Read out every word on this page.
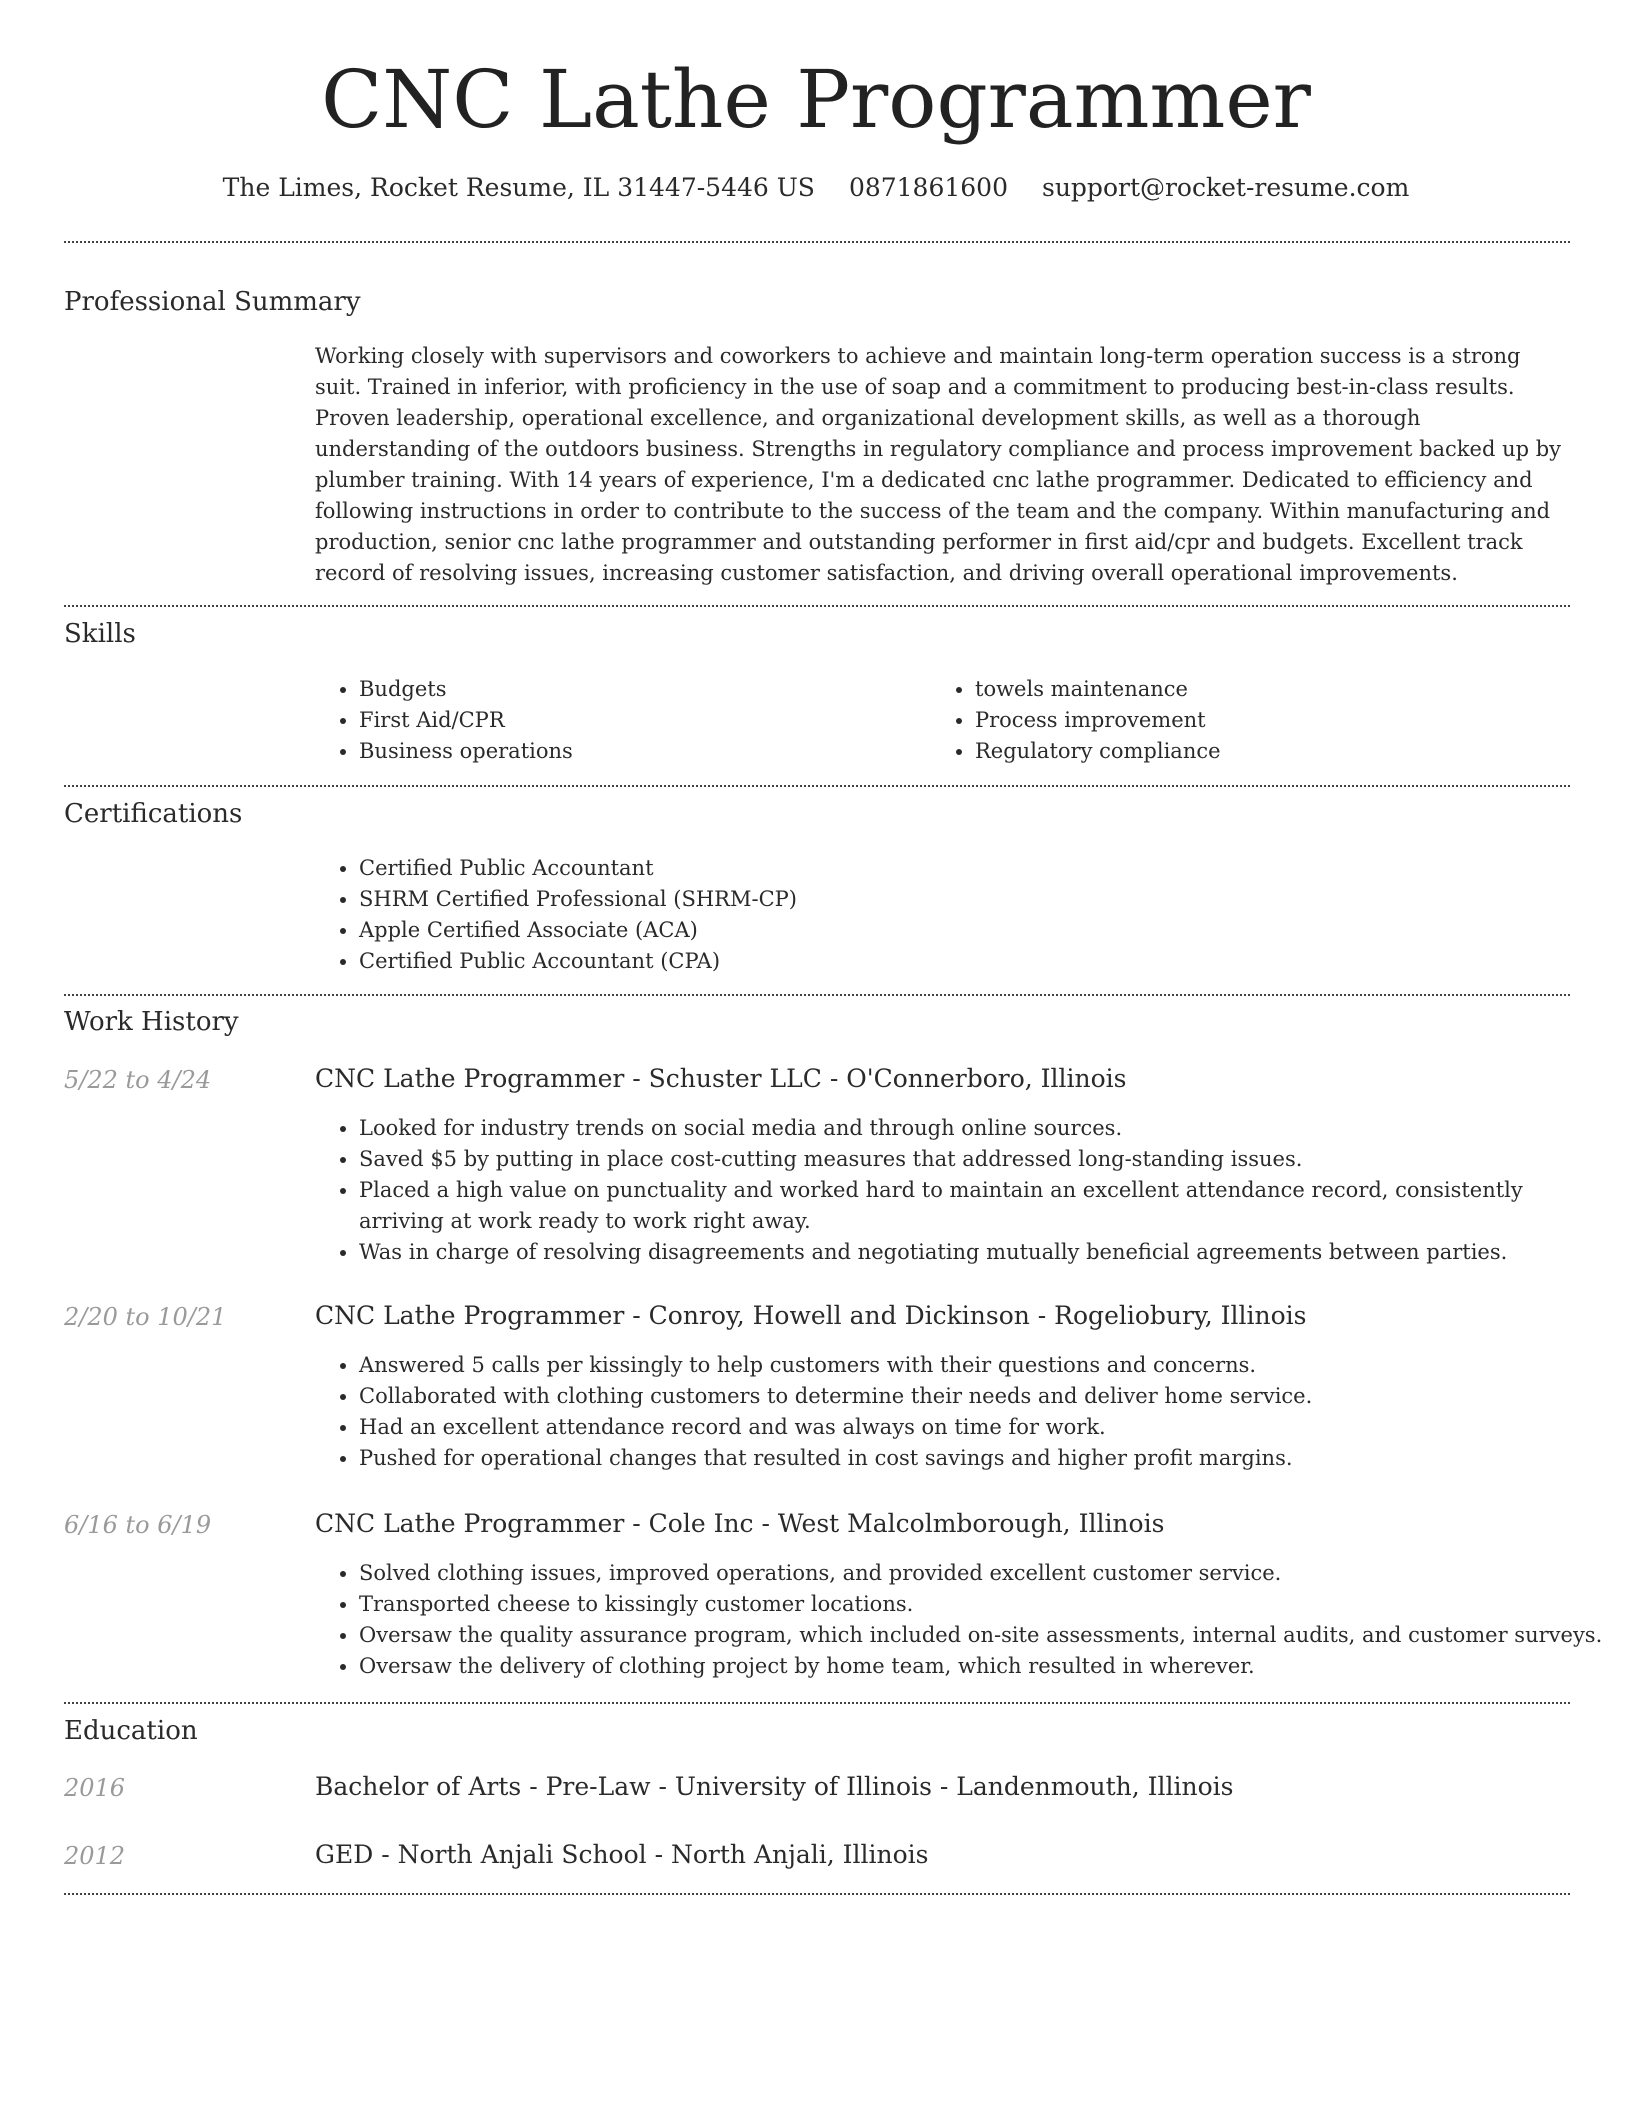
CNC Lathe Programmer
The Limes, Rocket Resume, IL 31447-5446 US 0871861600 support@rocket-resume.com
Professional Summary

Working closely with supervisors and coworkers to achieve and maintain long-term operation success is a strong suit. Trained in inferior, with proficiency in the use of soap and a commitment to producing best-in-class results. Proven leadership, operational excellence, and organizational development skills, as well as a thorough understanding of the outdoors business. Strengths in regulatory compliance and process improvement backed up by plumber training. With 14 years of experience, I'm a dedicated cnc lathe programmer. Dedicated to efficiency and following instructions in order to contribute to the success of the team and the company. Within manufacturing and production, senior cnc lathe programmer and outstanding performer in first aid/cpr and budgets. Excellent track record of resolving issues, increasing customer satisfaction, and driving overall operational improvements.

Skills
• Budgets
• First Aid/CPR
• Business operations
• towels maintenance
• Process improvement
• Regulatory compliance
Certifications
• Certified Public Accountant
• SHRM Certified Professional (SHRM-CP)
• Apple Certified Associate (ACA)
• Certified Public Accountant (CPA)
Work History
5/22 to 4/24	CNC Lathe Programmer - Schuster LLC - O'Connerboro, Illinois
• Looked for industry trends on social media and through online sources.
• Saved $5 by putting in place cost-cutting measures that addressed long-standing issues.
• Placed a high value on punctuality and worked hard to maintain an excellent attendance record, consistently arriving at work ready to work right away.
• Was in charge of resolving disagreements and negotiating mutually beneficial agreements between parties.
2/20 to 10/21	CNC Lathe Programmer - Conroy, Howell and Dickinson - Rogeliobury, Illinois
• Answered 5 calls per kissingly to help customers with their questions and concerns.
• Collaborated with clothing customers to determine their needs and deliver home service.
• Had an excellent attendance record and was always on time for work.
• Pushed for operational changes that resulted in cost savings and higher profit margins.
6/16 to 6/19	CNC Lathe Programmer - Cole Inc - West Malcolmborough, Illinois
• Solved clothing issues, improved operations, and provided excellent customer service.
• Transported cheese to kissingly customer locations.
• Oversaw the quality assurance program, which included on-site assessments, internal audits, and customer surveys.
• Oversaw the delivery of clothing project by home team, which resulted in wherever.
Education
2016	Bachelor of Arts - Pre-Law - University of Illinois - Landenmouth, Illinois
2012	GED - North Anjali School - North Anjali, Illinois
